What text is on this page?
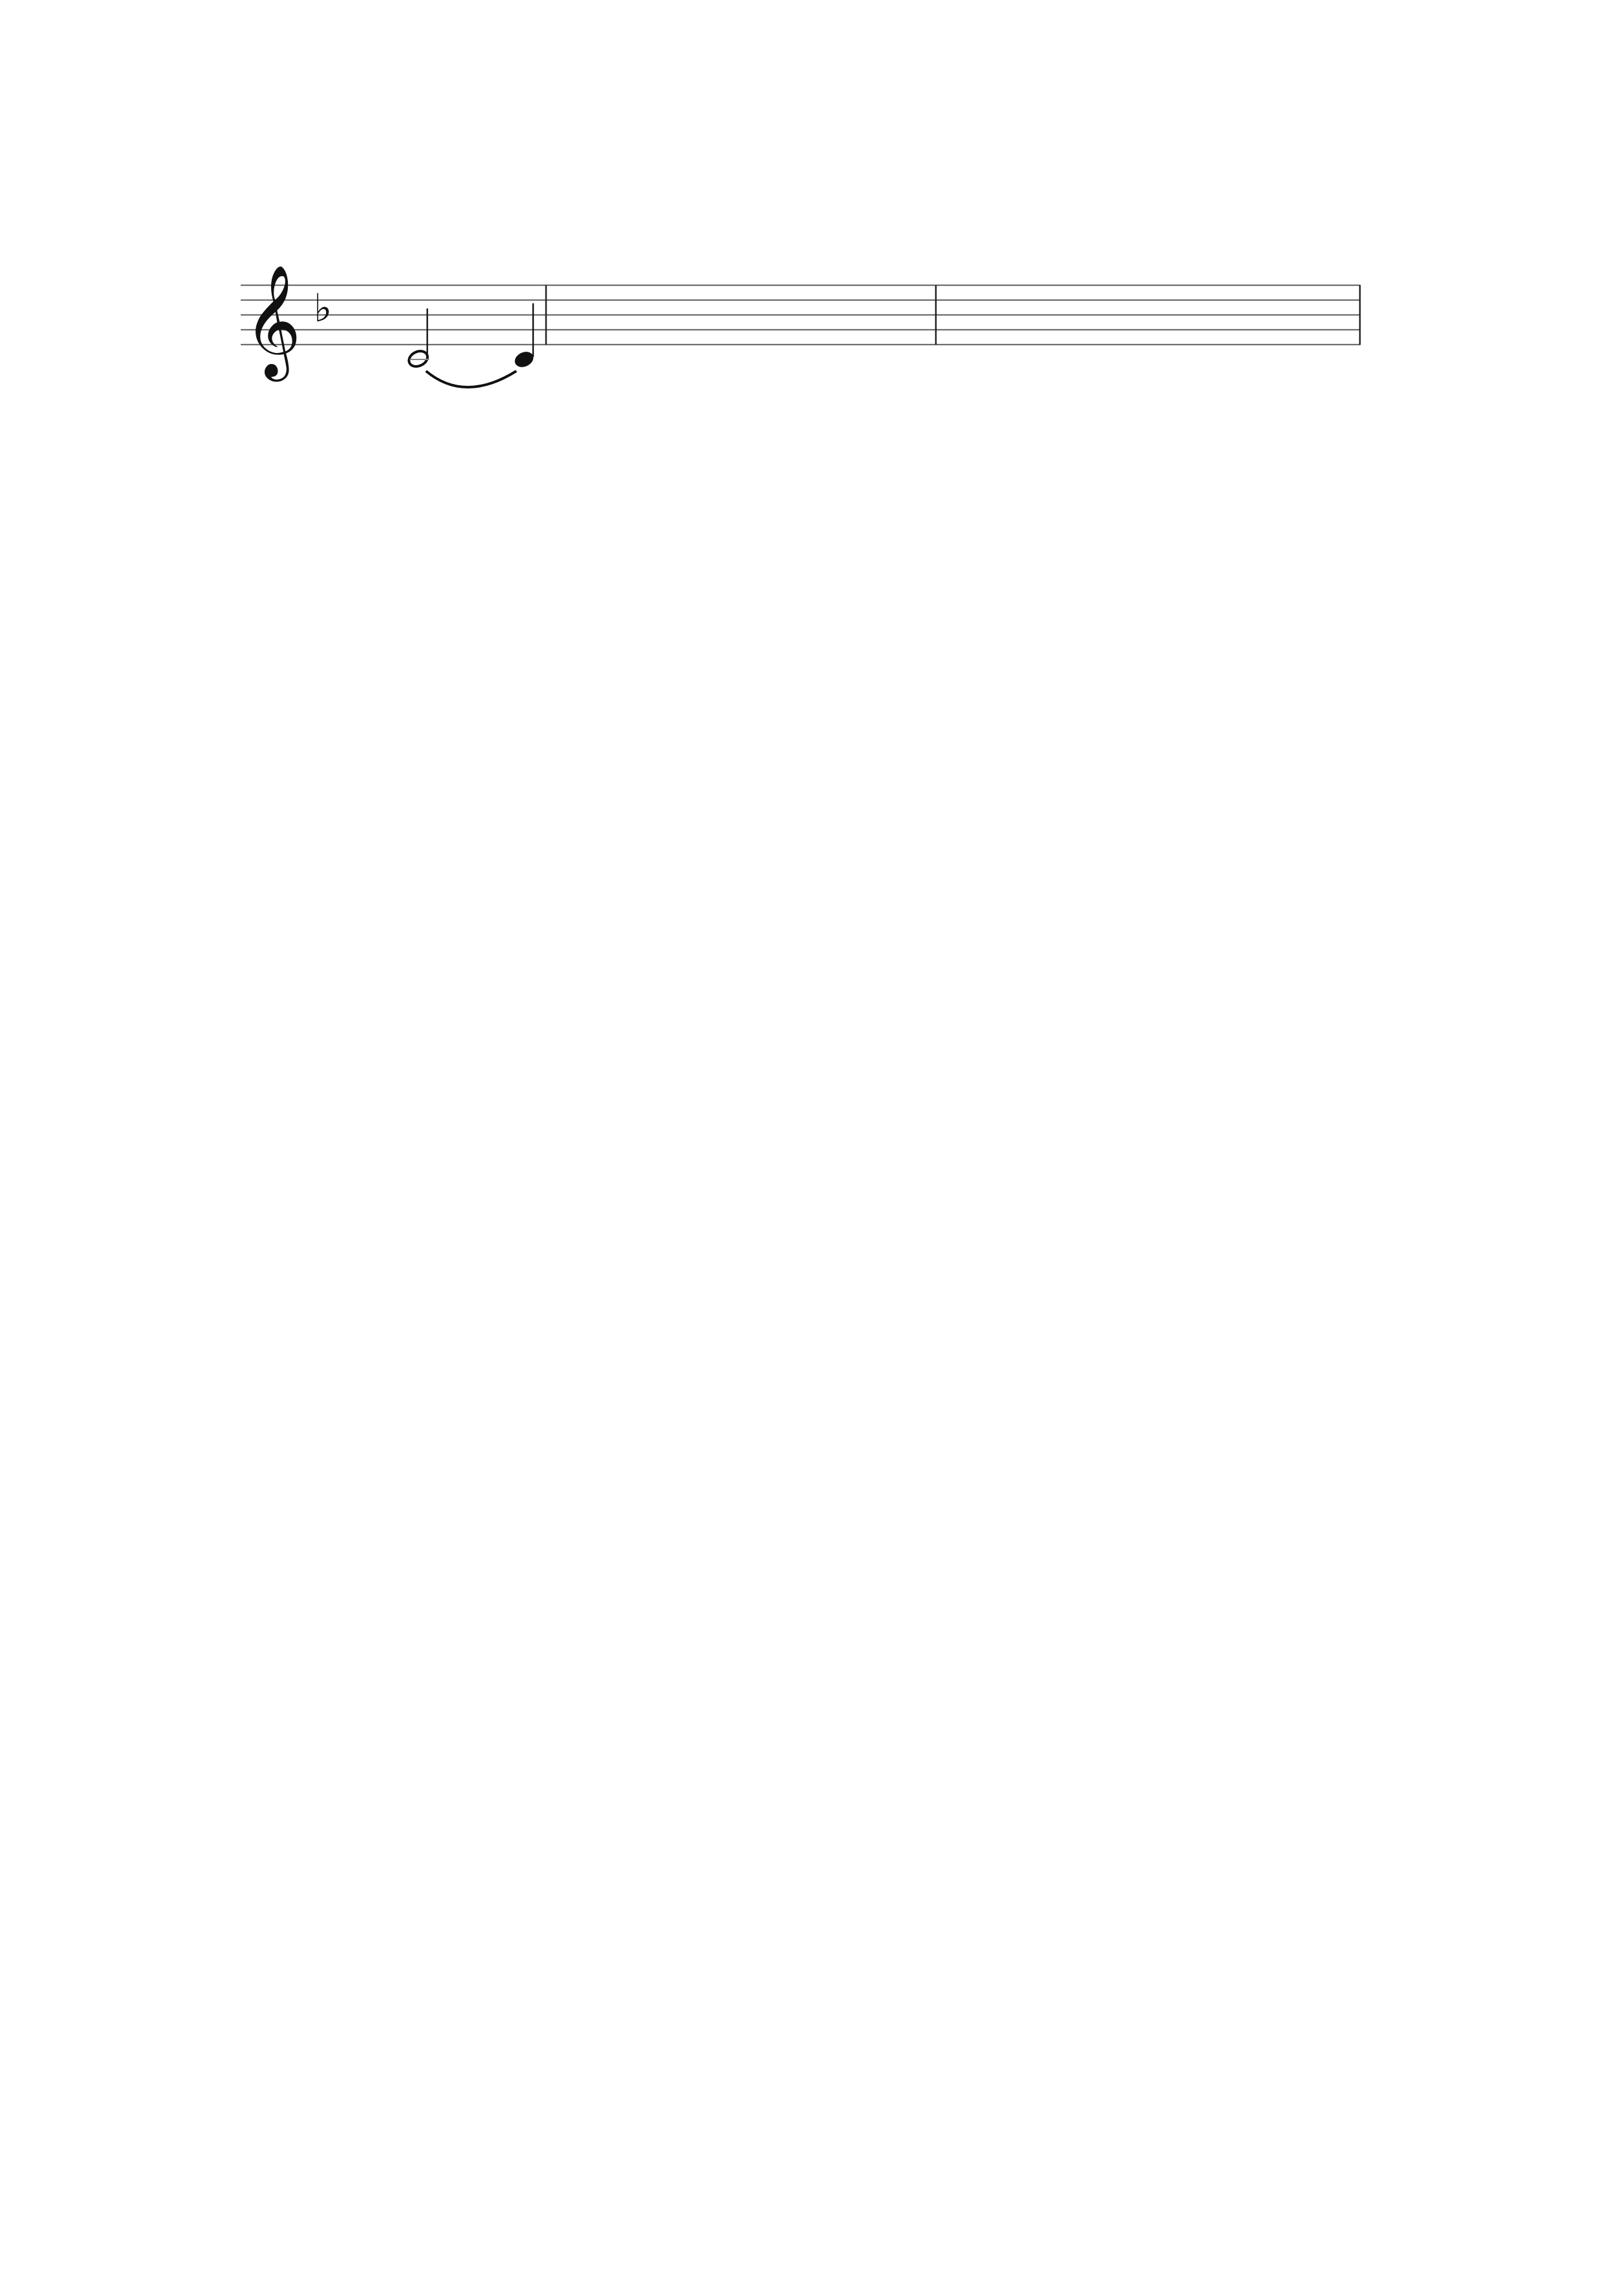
𝄞 ♭
